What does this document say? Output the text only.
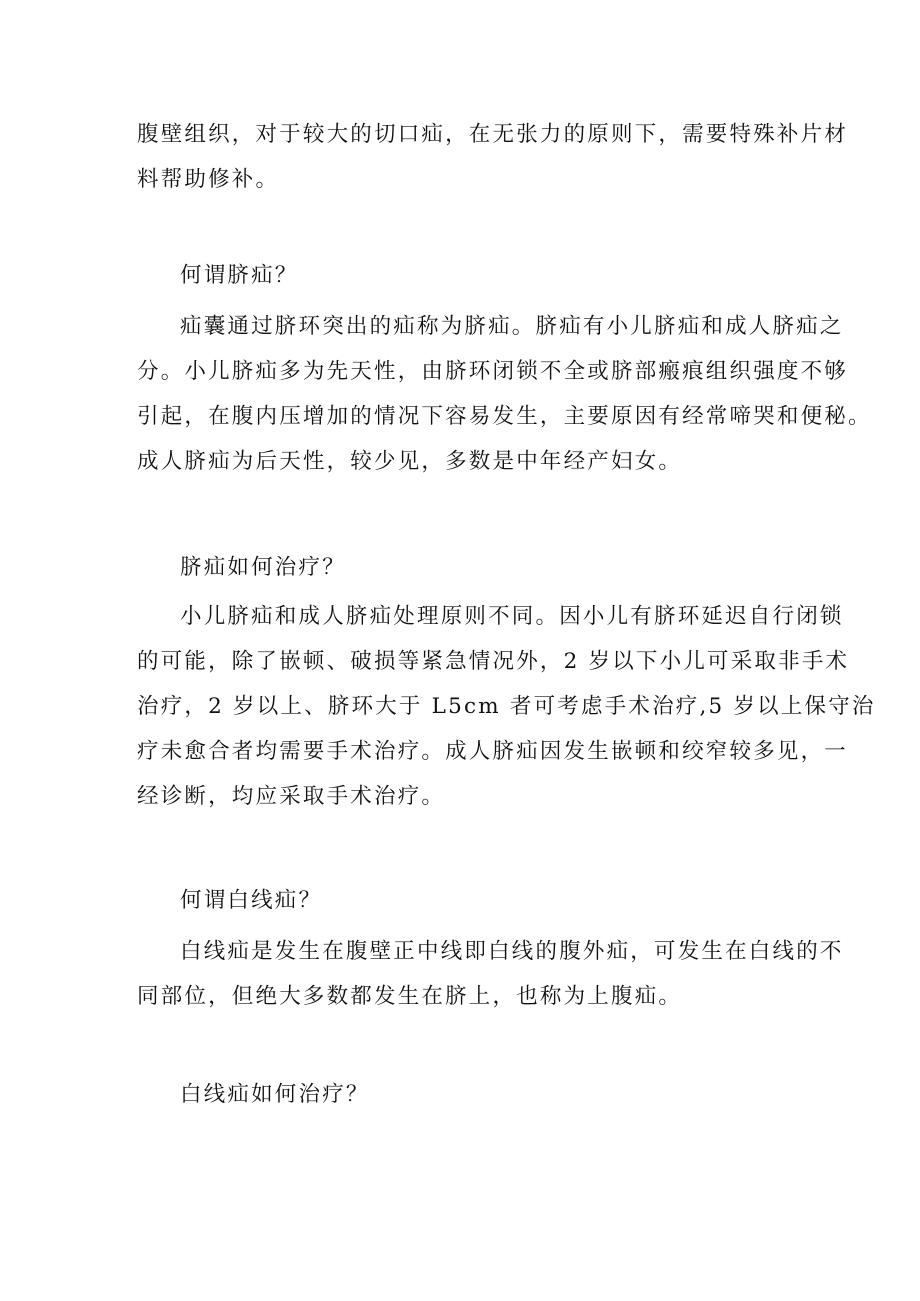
腹壁组织，对于较大的切口疝，在无张力的原则下，需要特殊补片材
料帮助修补。
何谓脐疝？
疝囊通过脐环突出的疝称为脐疝。脐疝有小儿脐疝和成人脐疝之
分。小儿脐疝多为先天性，由脐环闭锁不全或脐部瘢痕组织强度不够
引起，在腹内压增加的情况下容易发生，主要原因有经常啼哭和便秘。
成人脐疝为后天性，较少见，多数是中年经产妇女。
脐疝如何治疗？
小儿脐疝和成人脐疝处理原则不同。因小儿有脐环延迟自行闭锁
的可能，除了嵌顿、破损等紧急情况外，2 岁以下小儿可采取非手术
治疗，2 岁以上、脐环大于 L5cm 者可考虑手术治疗,5 岁以上保守治
疗未愈合者均需要手术治疗。成人脐疝因发生嵌顿和绞窄较多见，一
经诊断，均应采取手术治疗。
何谓白线疝？
白线疝是发生在腹壁正中线即白线的腹外疝，可发生在白线的不
同部位，但绝大多数都发生在脐上，也称为上腹疝。
白线疝如何治疗？
